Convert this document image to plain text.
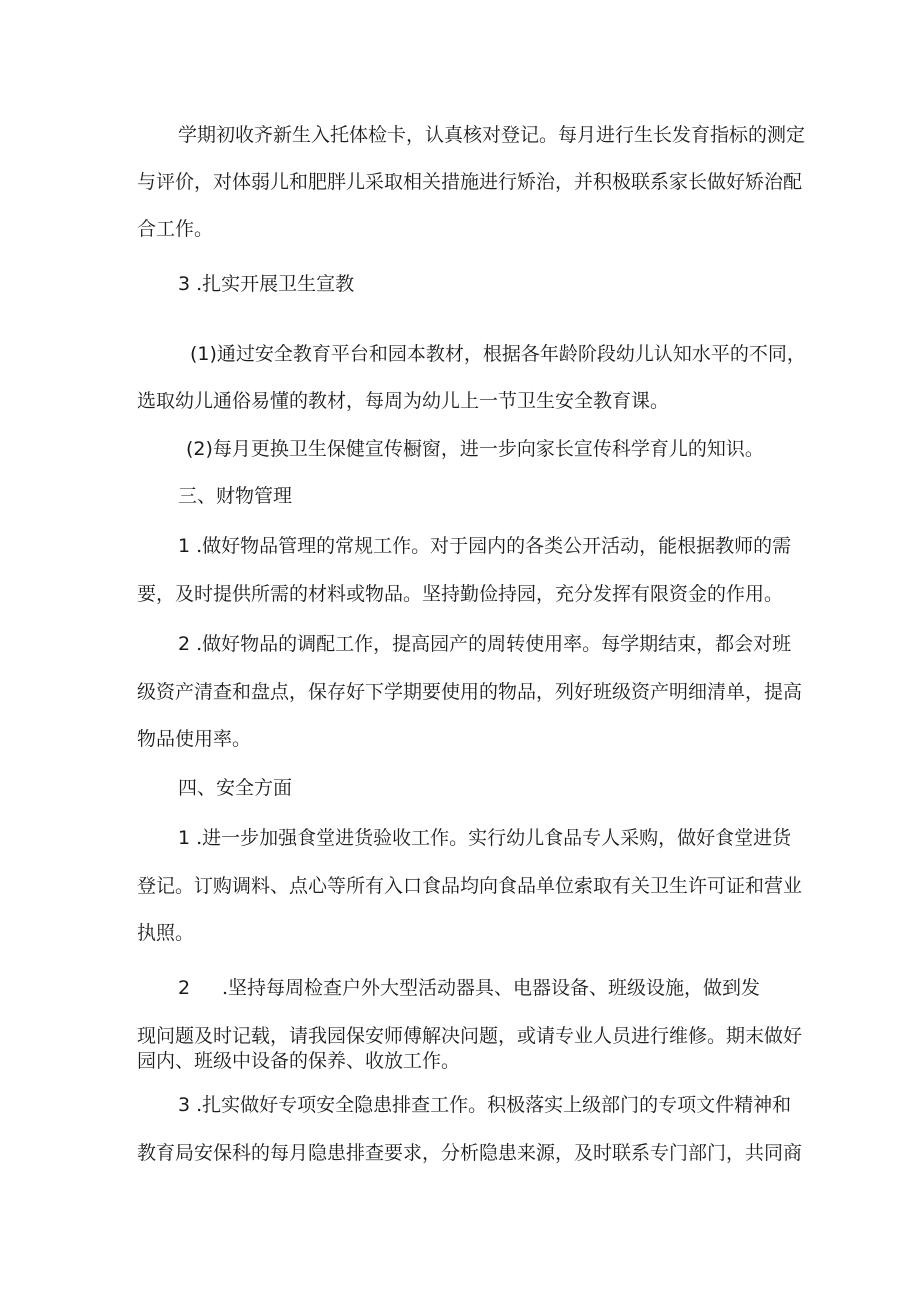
学期初收齐新生入托体检卡，认真核对登记。每月进行生长发育指标的测定
与评价，对体弱儿和肥胖儿采取相关措施进行矫治，并积极联系家长做好矫治配
合工作。
3 .扎实开展卫生宣教
(1)通过安全教育平台和园本教材，根据各年龄阶段幼儿认知水平的不同，
选取幼儿通俗易懂的教材，每周为幼儿上一节卫生安全教育课。
(2)每月更换卫生保健宣传橱窗，进一步向家长宣传科学育儿的知识。
三、财物管理
1 .做好物品管理的常规工作。对于园内的各类公开活动，能根据教师的需
要，及时提供所需的材料或物品。坚持勤俭持园，充分发挥有限资金的作用。
2 .做好物品的调配工作，提高园产的周转使用率。每学期结束，都会对班
级资产清查和盘点，保存好下学期要使用的物品，列好班级资产明细清单，提高
物品使用率。
四、安全方面
1 .进一步加强食堂进货验收工作。实行幼儿食品专人采购，做好食堂进货
登记。订购调料、点心等所有入口食品均向食品单位索取有关卫生许可证和营业
执照。
2 .坚持每周检查户外大型活动器具、电器设备、班级设施，做到发
现问题及时记载，请我园保安师傅解决问题，或请专业人员进行维修。期末做好
园内、班级中设备的保养、收放工作。
3 .扎实做好专项安全隐患排查工作。积极落实上级部门的专项文件精神和
教育局安保科的每月隐患排查要求，分析隐患来源，及时联系专门部门，共同商
